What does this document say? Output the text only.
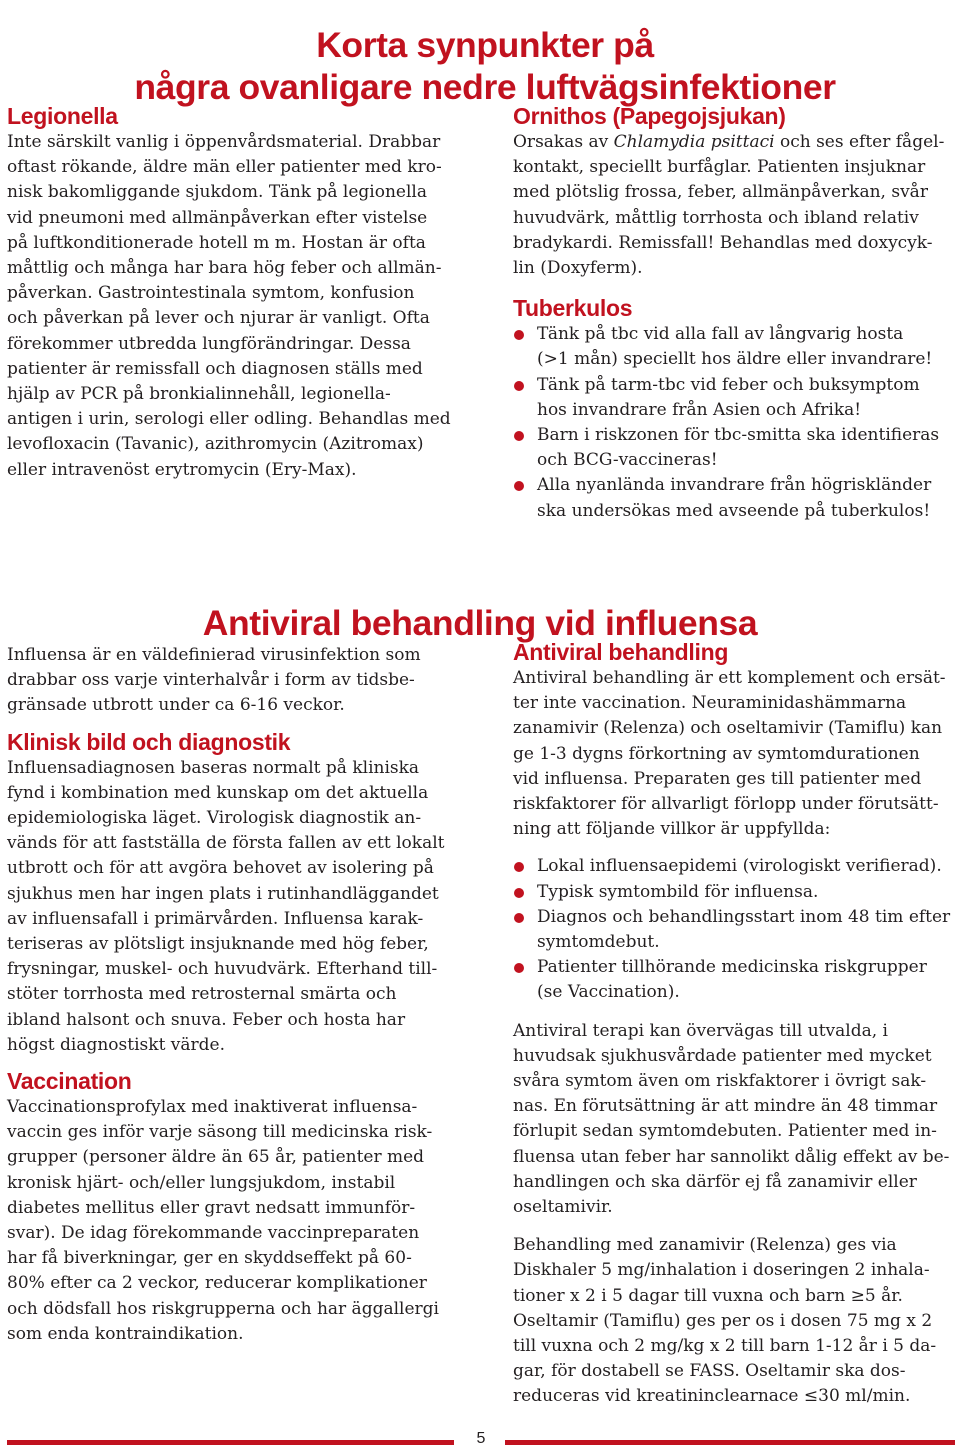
Korta synpunkter på
några ovanligare nedre luftvägsinfektioner
Legionella

Inte särskilt vanlig i öppenvårdsmaterial. Drabbar
oftast rökande, äldre män eller patienter med kro-
nisk bakomliggande sjukdom. Tänk på legionella
vid pneumoni med allmänpåverkan efter vistelse
på luftkonditionerade hotell m m. Hostan är ofta
måttlig och många har bara hög feber och allmän-
påverkan. Gastrointestinala symtom, konfusion
och påverkan på lever och njurar är vanligt. Ofta
förekommer utbredda lungförändringar. Dessa
patienter är remissfall och diagnosen ställs med
hjälp av PCR på bronkialinnehåll, legionella-
antigen i urin, serologi eller odling. Behandlas med
levofloxacin (Tavanic), azithromycin (Azitromax)
eller intravenöst erytromycin (Ery-Max).

Ornithos (Papegojsjukan)

Orsakas av Chlamydia psittaci och ses efter fågel-
kontakt, speciellt burfåglar. Patienten insjuknar
med plötslig frossa, feber, allmänpåverkan, svår
huvudvärk, måttlig torrhosta och ibland relativ
bradykardi. Remissfall! Behandlas med doxycyk-
lin (Doxyferm).

Tuberkulos
Tänk på tbc vid alla fall av långvarig hosta
(>1 mån) speciellt hos äldre eller invandrare!
Tänk på tarm-tbc vid feber och buksymptom
hos invandrare från Asien och Afrika!
Barn i riskzonen för tbc-smitta ska identifieras
och BCG-vaccineras!
Alla nyanlända invandrare från högriskländer
ska undersökas med avseende på tuberkulos!
Antiviral behandling vid influensa

Influensa är en väldefinierad virusinfektion som
drabbar oss varje vinterhalvår i form av tidsbe-
gränsade utbrott under ca 6-16 veckor.

Klinisk bild och diagnostik

Influensadiagnosen baseras normalt på kliniska
fynd i kombination med kunskap om det aktuella
epidemiologiska läget. Virologisk diagnostik an-
vänds för att fastställa de första fallen av ett lokalt
utbrott och för att avgöra behovet av isolering på
sjukhus men har ingen plats i rutinhandläggandet
av influensafall i primärvården. Influensa karak-
teriseras av plötsligt insjuknande med hög feber,
frysningar, muskel- och huvudvärk. Efterhand till-
stöter torrhosta med retrosternal smärta och
ibland halsont och snuva. Feber och hosta har
högst diagnostiskt värde.

Vaccination

Vaccinationsprofylax med inaktiverat influensa-
vaccin ges inför varje säsong till medicinska risk-
grupper (personer äldre än 65 år, patienter med
kronisk hjärt- och/eller lungsjukdom, instabil
diabetes mellitus eller gravt nedsatt immunför-
svar). De idag förekommande vaccinpreparaten
har få biverkningar, ger en skyddseffekt på 60-
80% efter ca 2 veckor, reducerar komplikationer
och dödsfall hos riskgrupperna och har äggallergi
som enda kontraindikation.

Antiviral behandling

Antiviral behandling är ett komplement och ersät-
ter inte vaccination. Neuraminidashämmarna
zanamivir (Relenza) och oseltamivir (Tamiflu) kan
ge 1-3 dygns förkortning av symtomdurationen
vid influensa. Preparaten ges till patienter med
riskfaktorer för allvarligt förlopp under förutsätt-
ning att följande villkor är uppfyllda:

Lokal influensaepidemi (virologiskt verifierad).
Typisk symtombild för influensa.
Diagnos och behandlingsstart inom 48 tim efter
symtomdebut.
Patienter tillhörande medicinska riskgrupper
(se Vaccination).

Antiviral terapi kan övervägas till utvalda, i
huvudsak sjukhusvårdade patienter med mycket
svåra symtom även om riskfaktorer i övrigt sak-
nas. En förutsättning är att mindre än 48 timmar
förlupit sedan symtomdebuten. Patienter med in-
fluensa utan feber har sannolikt dålig effekt av be-
handlingen och ska därför ej få zanamivir eller
oseltamivir.

Behandling med zanamivir (Relenza) ges via
Diskhaler 5 mg/inhalation i doseringen 2 inhala-
tioner x 2 i 5 dagar till vuxna och barn ≥5 år.
Oseltamir (Tamiflu) ges per os i dosen 75 mg x 2
till vuxna och 2 mg/kg x 2 till barn 1-12 år i 5 da-
gar, för dostabell se FASS. Oseltamir ska dos-
reduceras vid kreatininclearnace ≤30 ml/min.

5
